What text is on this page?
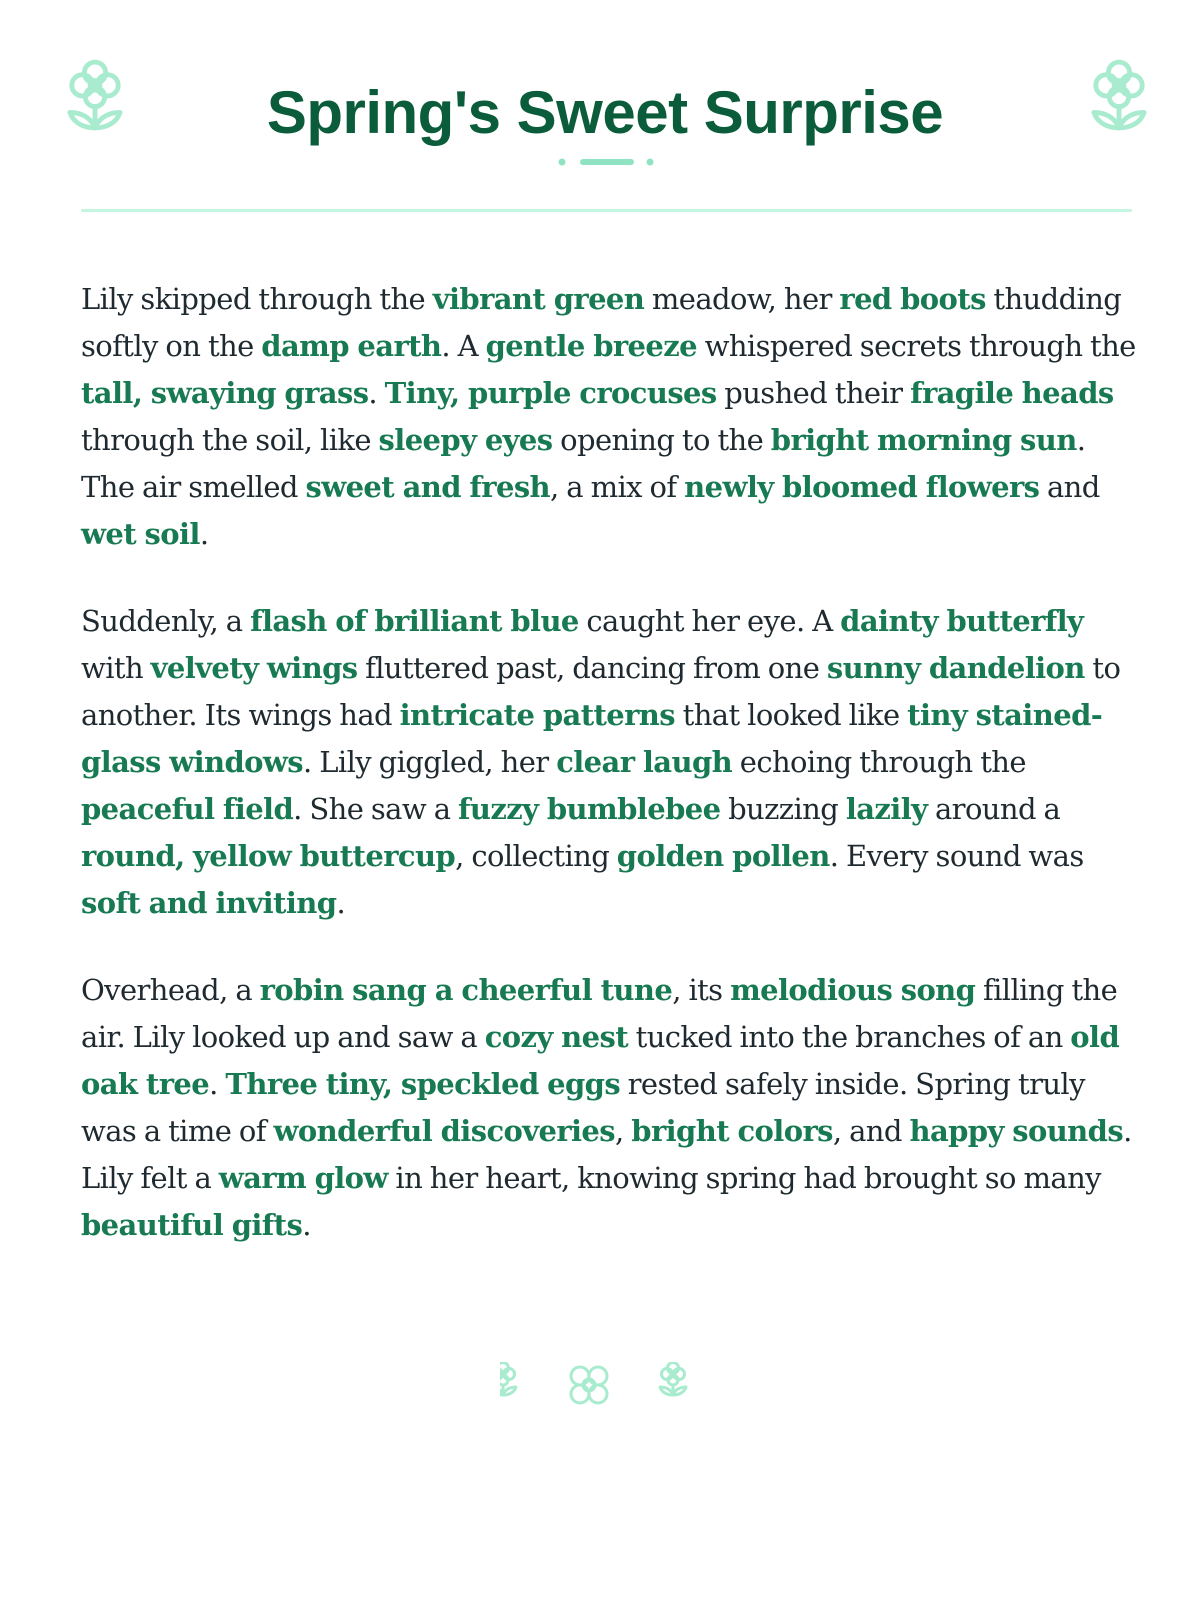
Spring's Sweet Surprise

Lily skipped through the vibrant green meadow, her red boots thudding softly on the damp earth. A gentle breeze whispered secrets through the tall, swaying grass. Tiny, purple crocuses pushed their fragile heads through the soil, like sleepy eyes opening to the bright morning sun. The air smelled sweet and fresh, a mix of newly bloomed flowers and wet soil.

Suddenly, a flash of brilliant blue caught her eye. A dainty butterfly with velvety wings fluttered past, dancing from one sunny dandelion to another. Its wings had intricate patterns that looked like tiny stained-glass windows. Lily giggled, her clear laugh echoing through the peaceful field. She saw a fuzzy bumblebee buzzing lazily around a round, yellow buttercup, collecting golden pollen. Every sound was soft and inviting.

Overhead, a robin sang a cheerful tune, its melodious song filling the air. Lily looked up and saw a cozy nest tucked into the branches of an old oak tree. Three tiny, speckled eggs rested safely inside. Spring truly was a time of wonderful discoveries, bright colors, and happy sounds. Lily felt a warm glow in her heart, knowing spring had brought so many beautiful gifts.
